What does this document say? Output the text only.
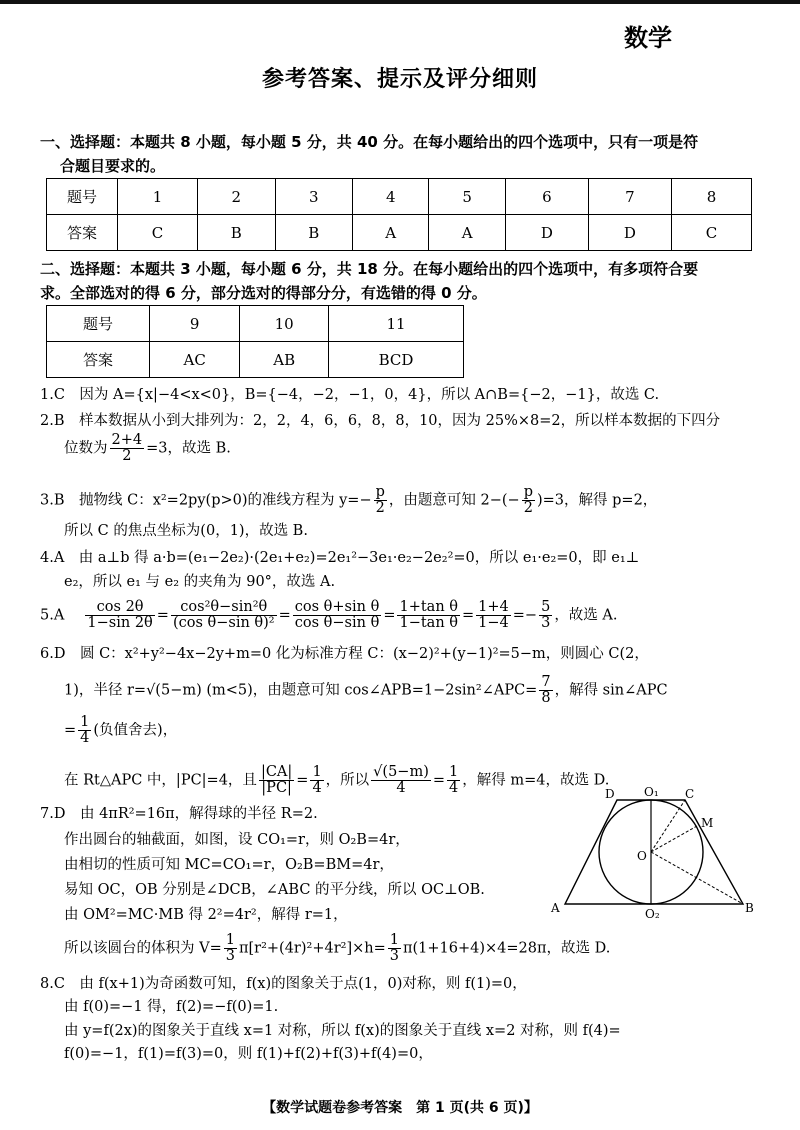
数学
参考答案、提示及评分细则
一、选择题：本题共 8 小题，每小题 5 分，共 40 分。在每小题给出的四个选项中，只有一项是符
合题目要求的。
题号	1	2	3	4	5	6	7	8
答案	C	B	B	A	A	D	D	C
二、选择题：本题共 3 小题，每小题 6 分，共 18 分。在每小题给出的四个选项中，有多项符合要
求。全部选对的得 6 分，部分选对的得部分分，有选错的得 0 分。
题号	9	10	11
答案	AC	AB	BCD
1.C　因为 A={x|−4<x<0}，B={−4，−2，−1，0，4}，所以 A∩B={−2，−1}，故选 C.
2.B　样本数据从小到大排列为：2，2，4，6，6，8，8，10，因为 25%×8=2，所以样本数据的下四分
位数为 $\frac{2+4}{2} =3$，故选 B.
3.B　抛物线 C：x²=2py(p>0)的准线方程为 $y=- \frac{p}{2}$ ，由题意可知 $2-(- \frac{p}{2} )=3$，解得 p=2，
所以 C 的焦点坐标为(0，1)，故选 B.
4.A　由 a⊥b 得 a·b=(e₁−2e₂)·(2e₁+e₂)=2e₁²−3e₁·e₂−2e₂²=0，所以 e₁·e₂=0，即 e₁⊥
e₂，所以 e₁ 与 e₂ 的夹角为 90°，故选 A.
5.A　 $\frac{\cos 2\theta}{1-\sin 2\theta} = \frac{\text{cos²θ−sin²θ}}{\text{(cos θ−sin θ)²}} = \frac{\text{cos θ+sin θ}}{\text{cos θ−sin θ}} = \frac{\text{1+tan θ}}{\text{1−tan θ}} = \frac{1+4}{1-4} =- \frac{5}{3}$ ，故选 A.
6.D　圆 C：x²+y²−4x−2y+m=0 化为标准方程 C：(x−2)²+(y−1)²=5−m，则圆心 C(2，
1)，半径 r=√(5−m) (m<5)，由题意可知 cos∠APB=1−2sin²∠APC= $\frac{7}{8}$ ，解得 sin∠APC
= $\frac{1}{4}$ (负值舍去)，
在 Rt△APC 中，|PC|=4，且 $\frac{|CA|}{|PC|} = \frac{1}{4}$ ，所以 $\frac{√(5-m)}{4} = \frac{1}{4}$ ，解得 m=4，故选 D.
7.D　由 4πR²=16π，解得球的半径 R=2.
作出圆台的轴截面，如图，设 CO₁=r，则 O₂B=4r，
由相切的性质可知 MC=CO₁=r，O₂B=BM=4r，
易知 OC，OB 分别是∠DCB，∠ABC 的平分线，所以 OC⊥OB.
由 OM²=MC·MB 得 2²=4r²，解得 r=1，
所以该圆台的体积为 $V= \frac{1}{3} \pi[r^2+(4r)^2+4r^2]\times h= \frac{1}{3} \pi(1+16+4)\times 4=28\pi$，故选 D.
8.C　由 f(x+1)为奇函数可知，f(x)的图象关于点(1，0)对称，则 f(1)=0，
由 f(0)=−1 得，f(2)=−f(0)=1.
由 y=f(2x)的图象关于直线 x=1 对称，所以 f(x)的图象关于直线 x=2 对称，则 f(4)=
f(0)=−1，f(1)=f(3)=0，则 f(1)+f(2)+f(3)+f(4)=0，
D O₁ C
M
O
A	O₂	B
【数学试题卷参考答案　第 1 页(共 6 页)】
